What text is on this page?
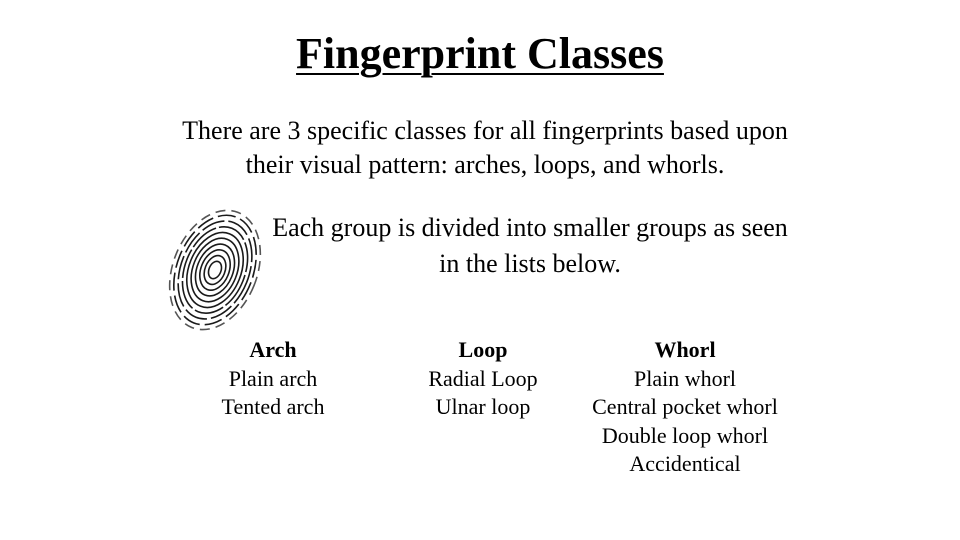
Fingerprint Classes
There are 3 specific classes for all fingerprints based upon their visual pattern: arches, loops, and whorls.
Each group is divided into smaller groups as seen in the lists below.
Arch
Plain arch
Tented arch
Loop
Radial Loop
Ulnar loop
Whorl
Plain whorl
Central pocket whorl
Double loop whorl
Accidentical
